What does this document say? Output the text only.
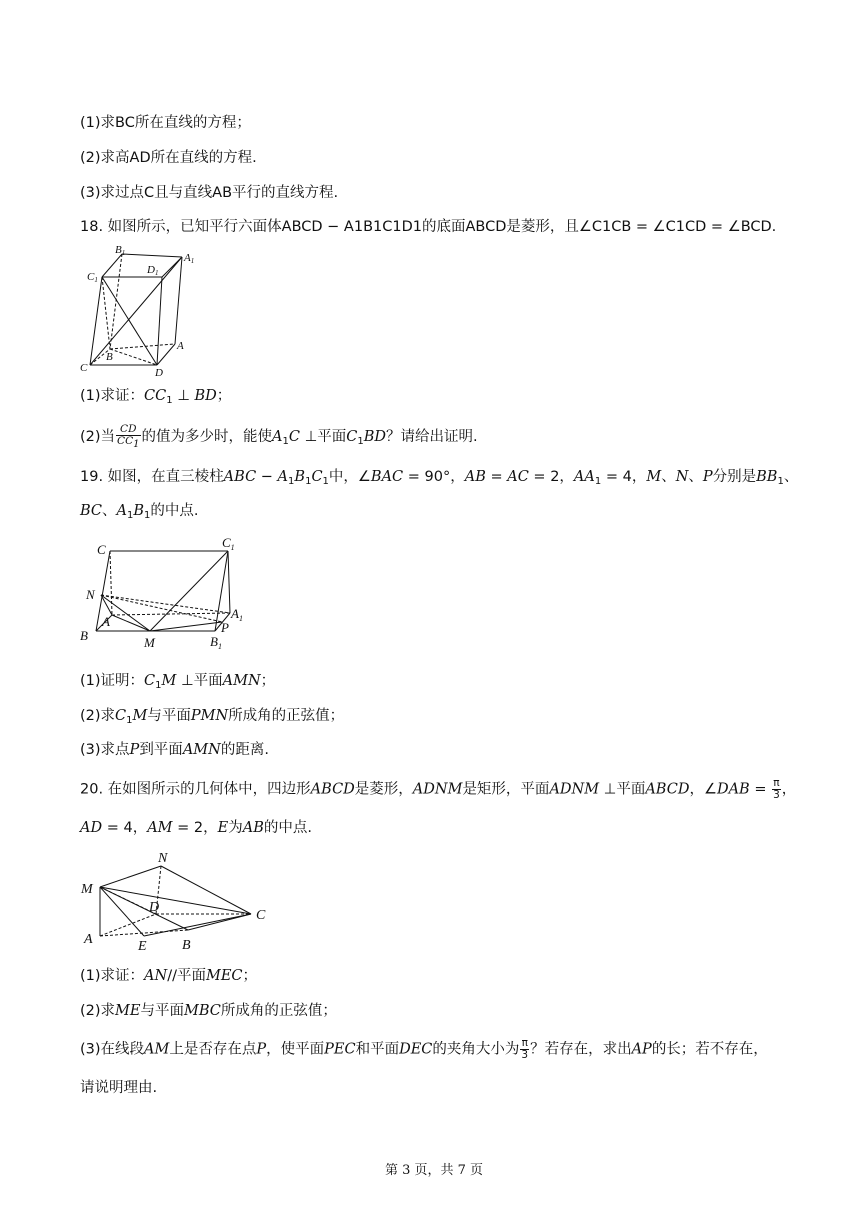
(1)求BC所在直线的方程；
(2)求高AD所在直线的方程.
(3)求过点C且与直线AB平行的直线方程.
18. 如图所示，已知平行六面体ABCD − A1B1C1D1的底面ABCD是菱形，且∠C1CB = ∠C1CD = ∠BCD.
B1
D1
A1
C1
C
B
A
D
(1)求证：$CC_1$ ⊥ BD；
(2)当 $\frac{CD}{CC1}$ 的值为多少时，能使$A_1C$ ⊥平面$C_1BD$？请给出证明.
19. 如图，在直三棱柱ABC − $A_1B_1C_1$中，∠BAC = 90°，AB = AC = 2，$AA_1 = 4$，M、N、P分别是$BB_1$、
BC、$A_1B_1$的中点.
C	$C_1$
N
$A_1$
A	P
B	M	$B_1$
(1)证明：$C_1M$ ⊥平面AMN；
(2)求$C_1M$与平面PMN所成角的正弦值；
(3)求点P到平面AMN的距离.
20. 在如图所示的几何体中，四边形ABCD是菱形，ADNM是矩形，平面ADNM ⊥平面ABCD，∠DAB = $\frac{\pi}{3}$ ，
AD = 4，AM = 2，E为AB的中点.
N
M
D
C
A	E	B
(1)求证：AN//平面MEC；
(2)求ME与平面MBC所成角的正弦值；
(3)在线段AM上是否存在点P，使平面PEC和平面DEC的夹角大小为 $\frac{\pi}{3}$ ？若存在，求出AP的长；若不存在，
请说明理由.
第 3 页，共 7 页
